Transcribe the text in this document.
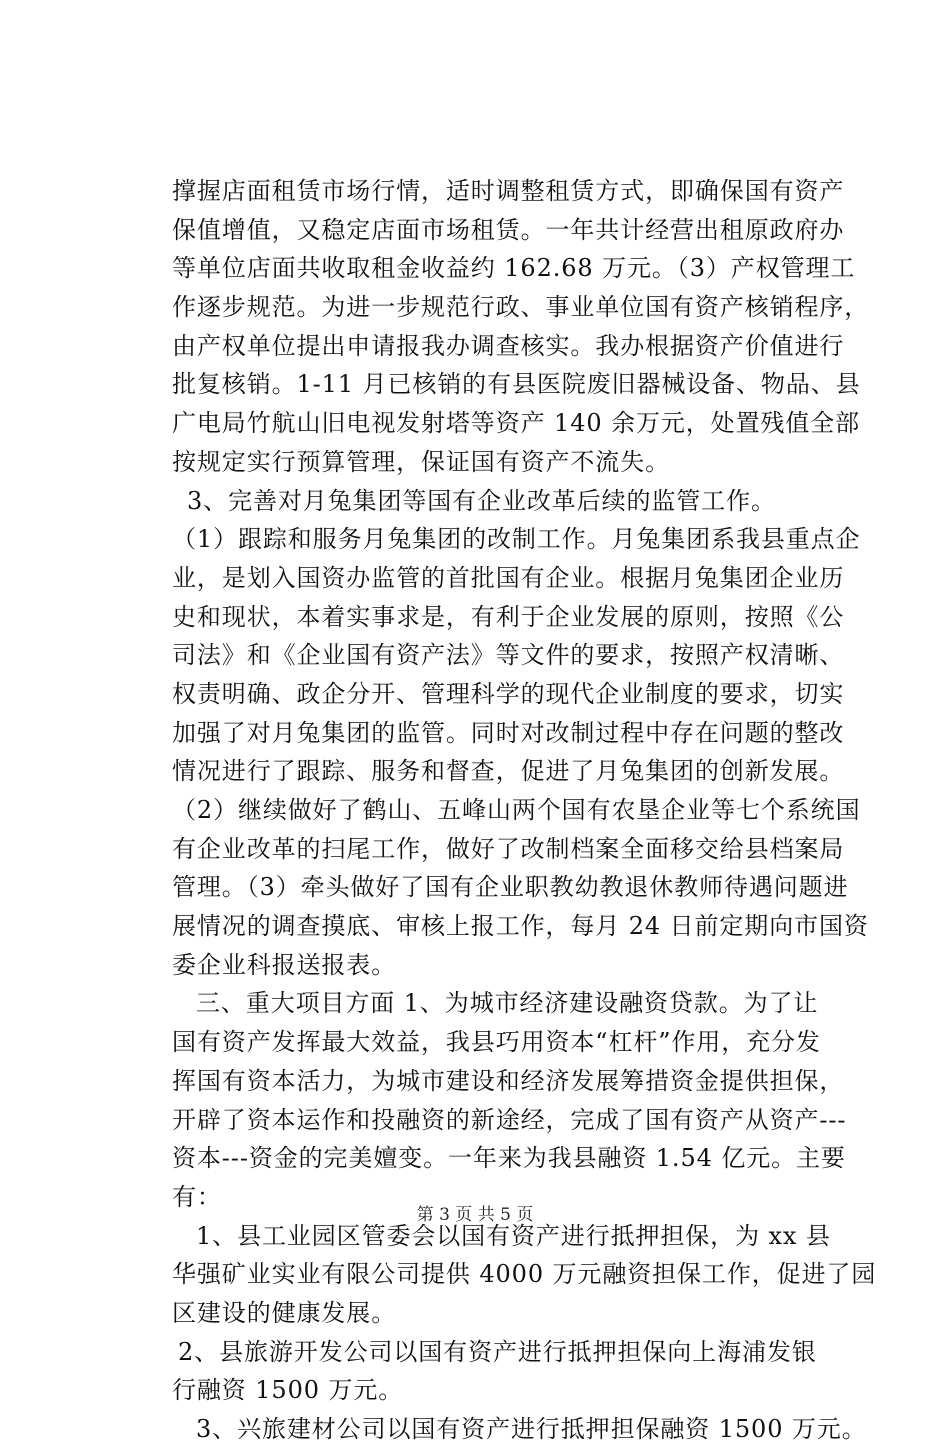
撑握店面租赁市场行情，适时调整租赁方式，即确保国有资产
保值增值，又稳定店面市场租赁。一年共计经营出租原政府办
等单位店面共收取租金收益约 162.68 万元。（3）产权管理工
作逐步规范。为进一步规范行政、事业单位国有资产核销程序，
由产权单位提出申请报我办调查核实。我办根据资产价值进行
批复核销。1-11 月已核销的有县医院废旧器械设备、物品、县
广电局竹航山旧电视发射塔等资产 140 余万元，处置残值全部
按规定实行预算管理，保证国有资产不流失。
3、完善对月兔集团等国有企业改革后续的监管工作。
（1）跟踪和服务月兔集团的改制工作。月兔集团系我县重点企
业，是划入国资办监管的首批国有企业。根据月兔集团企业历
史和现状，本着实事求是，有利于企业发展的原则，按照《公
司法》和《企业国有资产法》等文件的要求，按照产权清晰、
权责明确、政企分开、管理科学的现代企业制度的要求，切实
加强了对月兔集团的监管。同时对改制过程中存在问题的整改
情况进行了跟踪、服务和督查，促进了月兔集团的创新发展。
（2）继续做好了鹤山、五峰山两个国有农垦企业等七个系统国
有企业改革的扫尾工作，做好了改制档案全面移交给县档案局
管理。（3）牵头做好了国有企业职教幼教退休教师待遇问题进
展情况的调查摸底、审核上报工作，每月 24 日前定期向市国资
委企业科报送报表。
三、重大项目方面 1、为城市经济建设融资贷款。为了让
国有资产发挥最大效益，我县巧用资本“杠杆”作用，充分发
挥国有资本活力，为城市建设和经济发展筹措资金提供担保，
开辟了资本运作和投融资的新途经，完成了国有资产从资产---
资本---资金的完美嬗变。一年来为我县融资 1.54 亿元。主要
有：
1、县工业园区管委会以国有资产进行抵押担保，为 xx 县
华强矿业实业有限公司提供 4000 万元融资担保工作，促进了园
区建设的健康发展。
2、县旅游开发公司以国有资产进行抵押担保向上海浦发银
行融资 1500 万元。
3、兴旅建材公司以国有资产进行抵押担保融资 1500 万元。
第 3 页 共 5 页
